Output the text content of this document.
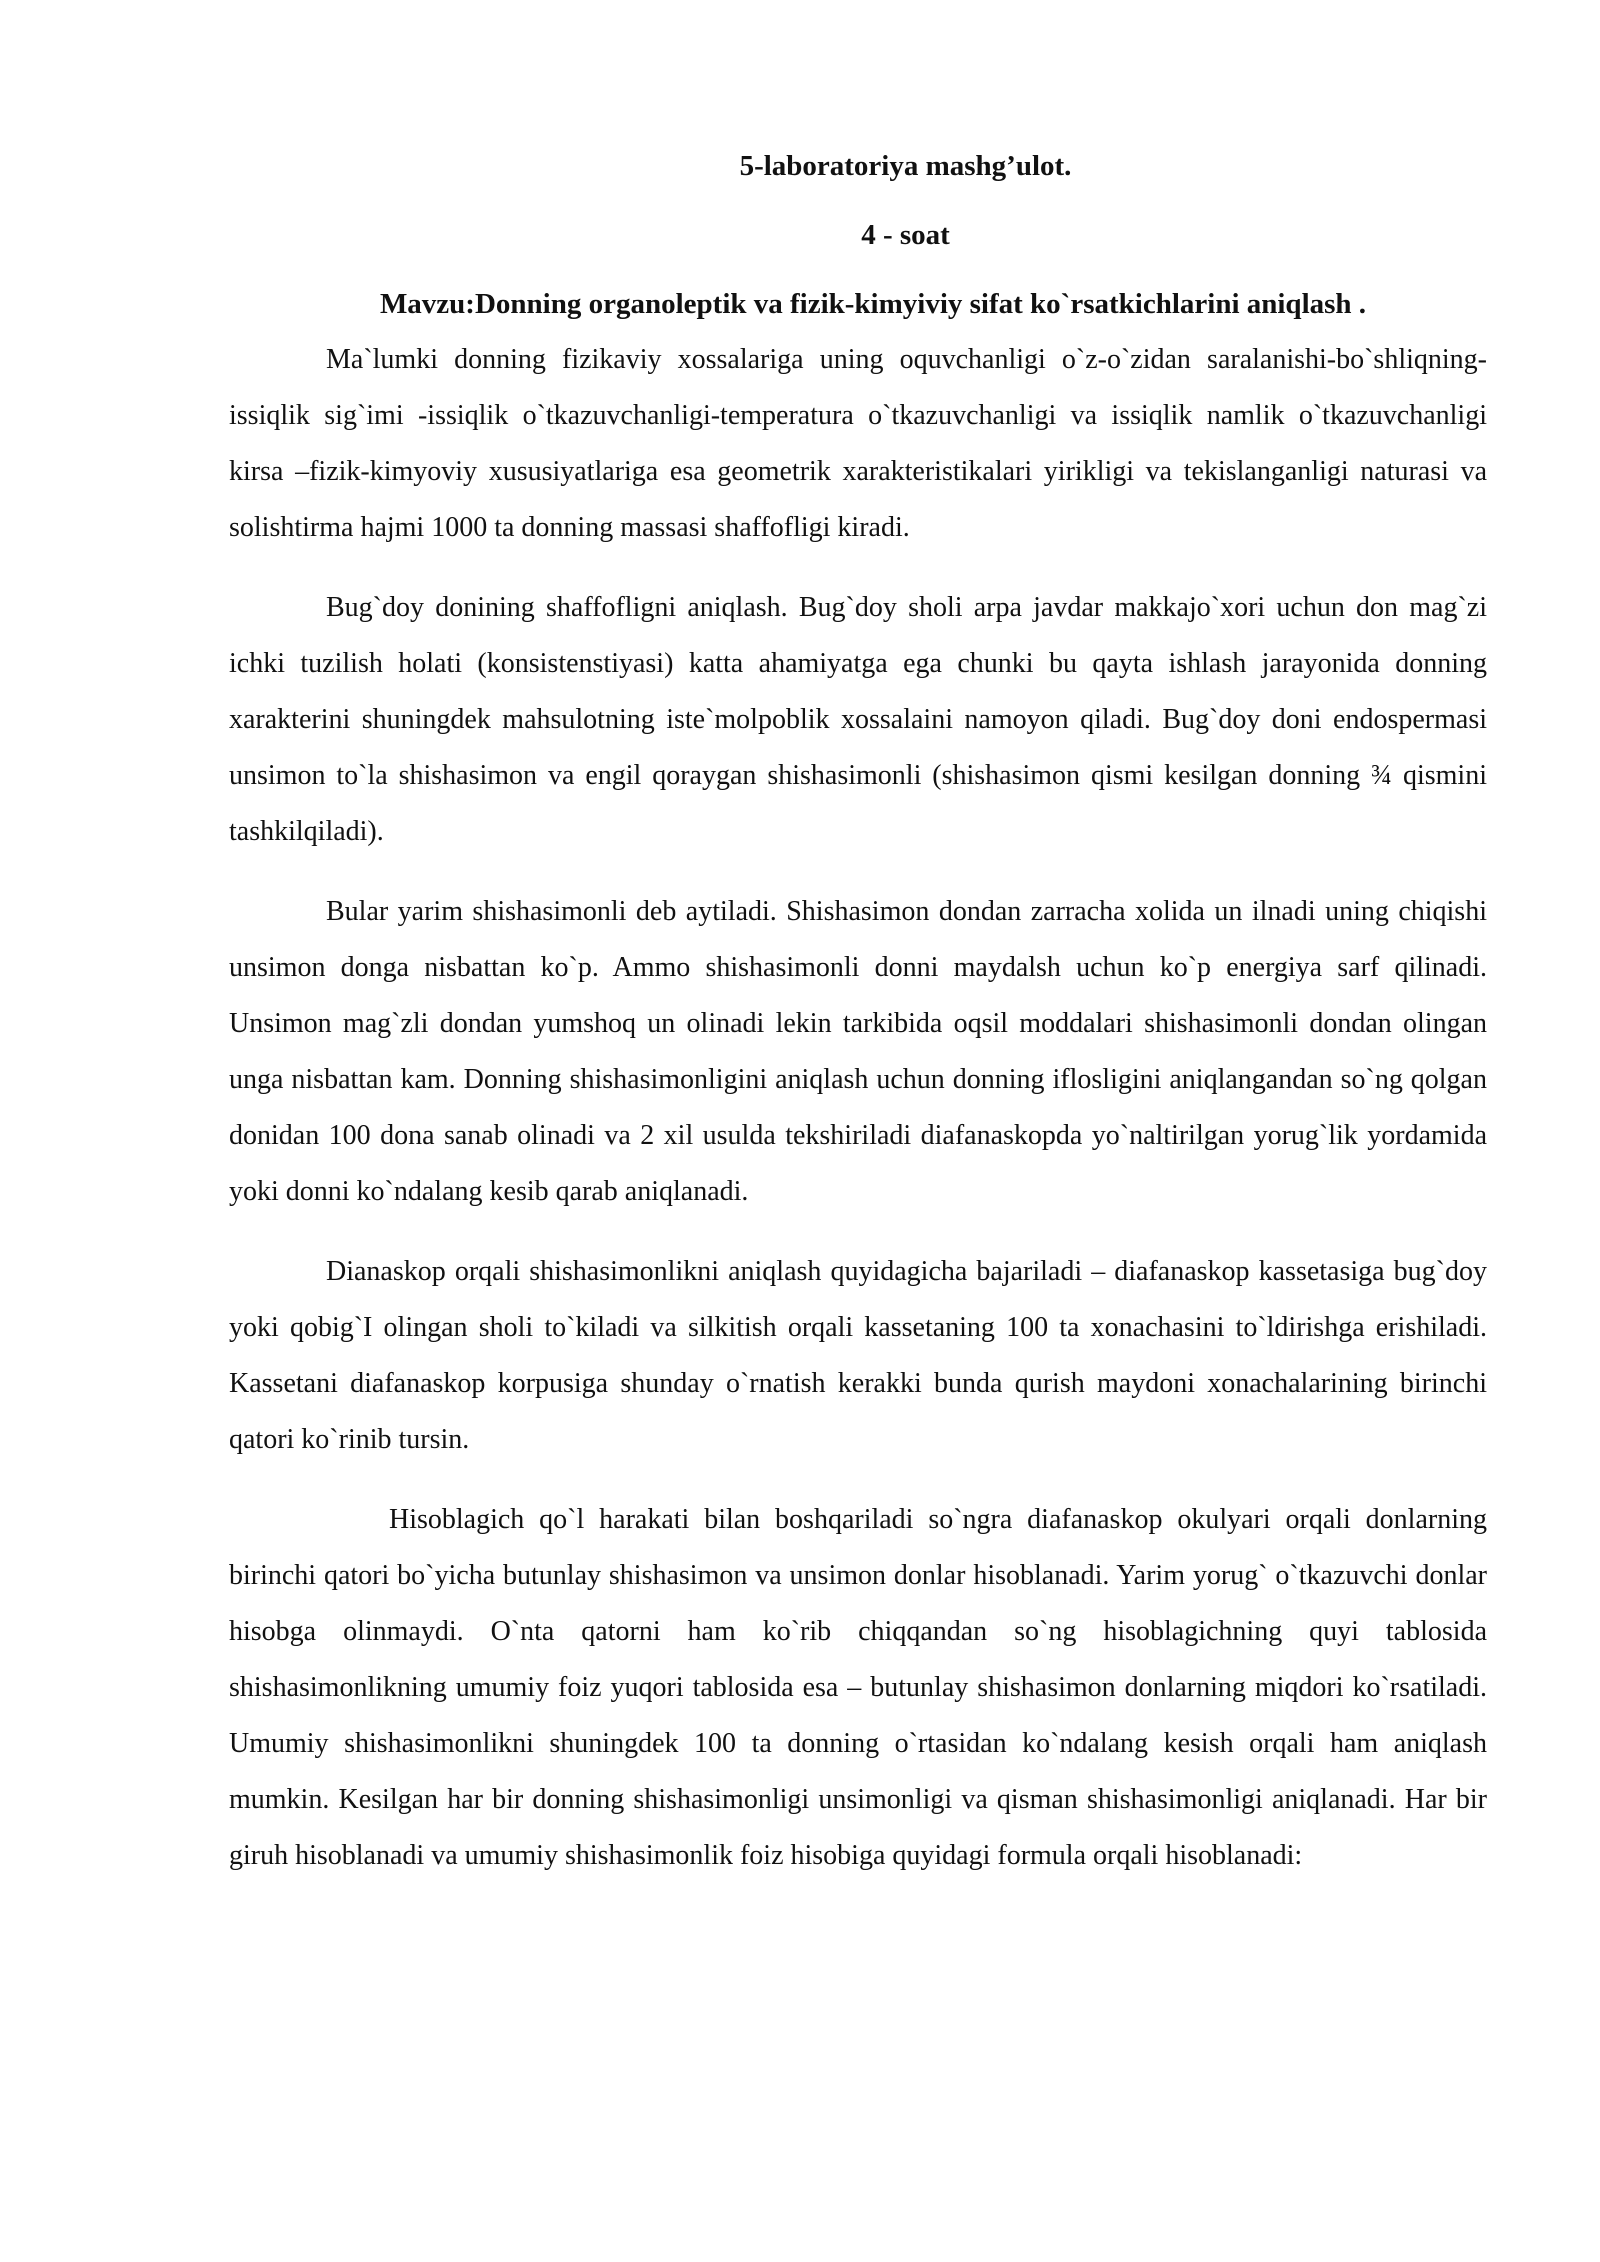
5-laboratoriya mashg’ulot.

4 - soat

Mavzu:Donning organoleptik va fizik-kimyiviy sifat ko`rsatkichlarini aniqlash .

Ma`lumki donning fizikaviy xossalariga uning oquvchanligi o`z-o`zidan saralanishi-bo`shliqning- issiqlik sig`imi -issiqlik o`tkazuvchanligi-temperatura o`tkazuvchanligi va issiqlik namlik o`tkazuvchanligi kirsa –fizik-kimyoviy xususiyatlariga esa geometrik xarakteristikalari yirikligi va tekislanganligi naturasi va solishtirma hajmi 1000 ta donning massasi shaffofligi kiradi.

Bug`doy donining shaffofligni aniqlash. Bug`doy sholi arpa javdar makkajo`xori uchun don mag`zi ichki tuzilish holati (konsistenstiyasi) katta ahamiyatga ega chunki bu qayta ishlash jarayonida donning xarakterini shuningdek mahsulotning iste`molpoblik xossalaini namoyon qiladi. Bug`doy doni endospermasi unsimon to`la shishasimon va engil qoraygan shishasimonli (shishasimon qismi kesilgan donning ¾ qismini tashkilqiladi).

Bular yarim shishasimonli deb aytiladi. Shishasimon dondan zarracha xolida un ilnadi uning chiqishi unsimon donga nisbattan ko`p. Ammo shishasimonli donni maydalsh uchun ko`p energiya sarf qilinadi. Unsimon mag`zli dondan yumshoq un olinadi lekin tarkibida oqsil moddalari shishasimonli dondan olingan unga nisbattan kam. Donning shishasimonligini aniqlash uchun donning iflosligini aniqlangandan so`ng qolgan donidan 100 dona sanab olinadi va 2 xil usulda tekshiriladi diafanaskopda yo`naltirilgan yorug`lik yordamida yoki donni ko`ndalang kesib qarab aniqlanadi.

Dianaskop orqali shishasimonlikni aniqlash quyidagicha bajariladi – diafanaskop kassetasiga bug`doy yoki qobig`I olingan sholi to`kiladi va silkitish orqali kassetaning 100 ta xonachasini to`ldirishga erishiladi. Kassetani diafanaskop korpusiga shunday o`rnatish kerakki bunda qurish maydoni xonachalarining birinchi qatori ko`rinib tursin.

Hisoblagich qo`l harakati bilan boshqariladi so`ngra diafanaskop okulyari orqali donlarning birinchi qatori bo`yicha butunlay shishasimon va unsimon donlar hisoblanadi. Yarim yorug` o`tkazuvchi donlar hisobga olinmaydi. O`nta qatorni ham ko`rib chiqqandan so`ng hisoblagichning quyi tablosida shishasimonlikning umumiy foiz yuqori tablosida esa – butunlay shishasimon donlarning miqdori ko`rsatiladi. Umumiy shishasimonlikni shuningdek 100 ta donning o`rtasidan ko`ndalang kesish orqali ham aniqlash mumkin. Kesilgan har bir donning shishasimonligi unsimonligi va qisman shishasimonligi aniqlanadi. Har bir giruh hisoblanadi va umumiy shishasimonlik foiz hisobiga quyidagi formula orqali hisoblanadi:
